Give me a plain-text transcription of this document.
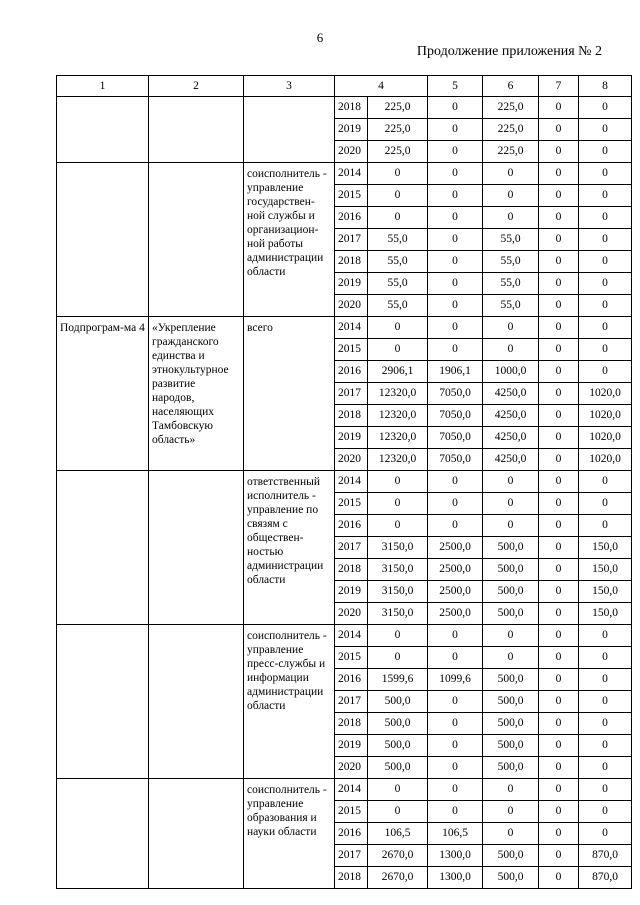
6
Продолжение приложения № 2
1	2	3	4		5	6	7	8
			2018	225,0	0	225,0	0	0
			2019	225,0	0	225,0	0	0
			2020	225,0	0	225,0	0	0
		соисполнитель - управление государствен-ной службы и организацион-ной работы администрации области	2014	0	0	0	0	0
			2015	0	0	0	0	0
			2016	0	0	0	0	0
			2017	55,0	0	55,0	0	0
			2018	55,0	0	55,0	0	0
			2019	55,0	0	55,0	0	0
			2020	55,0	0	55,0	0	0
Подпрограм-ма 4	«Укрепление гражданского единства и этнокультурное развитие народов, населяющих Тамбовскую область»	всего	2014	0	0	0	0	0
			2015	0	0	0	0	0
			2016	2906,1	1906,1	1000,0	0	0
			2017	12320,0	7050,0	4250,0	0	1020,0
			2018	12320,0	7050,0	4250,0	0	1020,0
			2019	12320,0	7050,0	4250,0	0	1020,0
			2020	12320,0	7050,0	4250,0	0	1020,0
		ответственный исполнитель - управление по связям с обществен-ностью администрации области	2014	0	0	0	0	0
			2015	0	0	0	0	0
			2016	0	0	0	0	0
			2017	3150,0	2500,0	500,0	0	150,0
			2018	3150,0	2500,0	500,0	0	150,0
			2019	3150,0	2500,0	500,0	0	150,0
			2020	3150,0	2500,0	500,0	0	150,0
		соисполнитель - управление пресс-службы и информации администрации области	2014	0	0	0	0	0
			2015	0	0	0	0	0
			2016	1599,6	1099,6	500,0	0	0
			2017	500,0	0	500,0	0	0
			2018	500,0	0	500,0	0	0
			2019	500,0	0	500,0	0	0
			2020	500,0	0	500,0	0	0
		соисполнитель - управление образования и науки области	2014	0	0	0	0	0
			2015	0	0	0	0	0
			2016	106,5	106,5	0	0	0
			2017	2670,0	1300,0	500,0	0	870,0
			2018	2670,0	1300,0	500,0	0	870,0
